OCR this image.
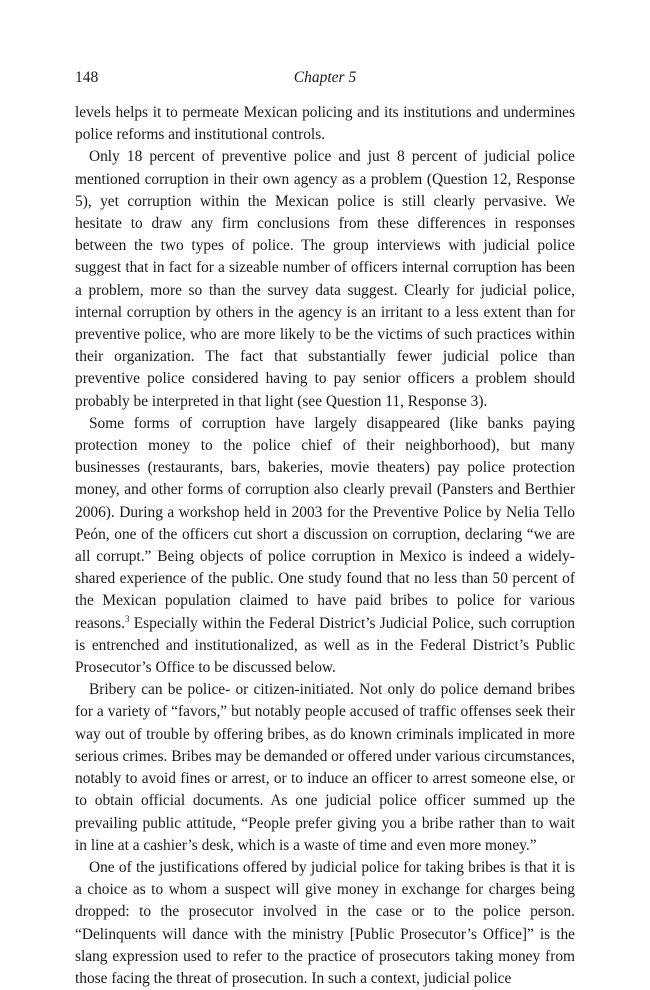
148	Chapter 5

levels helps it to permeate Mexican policing and its institutions and undermines police reforms and institutional controls.

Only 18 percent of preventive police and just 8 percent of judicial police mentioned corruption in their own agency as a problem (Question 12, Response 5), yet corruption within the Mexican police is still clearly pervasive. We hesitate to draw any firm conclusions from these differences in responses between the two types of police. The group interviews with judicial police suggest that in fact for a sizeable number of officers internal corruption has been a problem, more so than the survey data suggest. Clearly for judicial police, internal corruption by others in the agency is an irritant to a less extent than for preventive police, who are more likely to be the victims of such practices within their organization. The fact that substantially fewer judicial police than preventive police considered having to pay senior officers a problem should probably be interpreted in that light (see Question 11, Response 3).

Some forms of corruption have largely disappeared (like banks paying protection money to the police chief of their neighborhood), but many businesses (restaurants, bars, bakeries, movie theaters) pay police protection money, and other forms of corruption also clearly prevail (Pansters and Berthier 2006). During a workshop held in 2003 for the Preventive Police by Nelia Tello Peón, one of the officers cut short a discussion on corruption, declaring “we are all corrupt.” Being objects of police corruption in Mexico is indeed a widely-shared experience of the public. One study found that no less than 50 percent of the Mexican population claimed to have paid bribes to police for various reasons.$^3$ Especially within the Federal District’s Judicial Police, such corruption is entrenched and institutionalized, as well as in the Federal District’s Public Prosecutor’s Office to be discussed below.

Bribery can be police- or citizen-initiated. Not only do police demand bribes for a variety of “favors,” but notably people accused of traffic offenses seek their way out of trouble by offering bribes, as do known criminals implicated in more serious crimes. Bribes may be demanded or offered under various circumstances, notably to avoid fines or arrest, or to induce an officer to arrest someone else, or to obtain official documents. As one judicial police officer summed up the prevailing public attitude, “People prefer giving you a bribe rather than to wait in line at a cashier’s desk, which is a waste of time and even more money.”

One of the justifications offered by judicial police for taking bribes is that it is a choice as to whom a suspect will give money in exchange for charges being dropped: to the prosecutor involved in the case or to the police person. “Delinquents will dance with the ministry [Public Prosecutor’s Office]” is the slang expression used to refer to the practice of prosecutors taking money from those facing the threat of prosecution. In such a context, judicial police
